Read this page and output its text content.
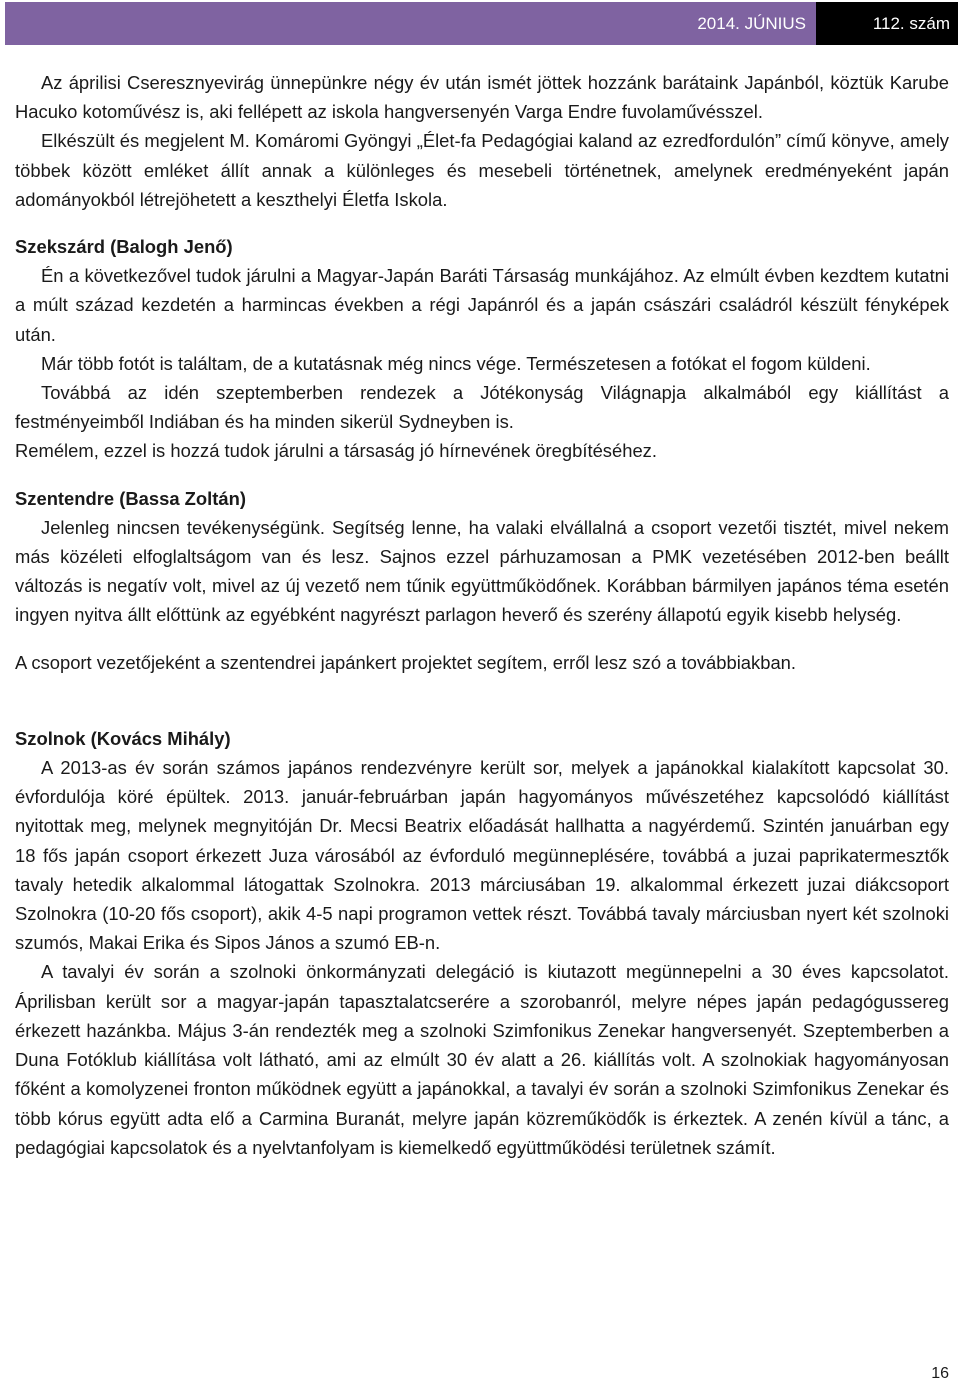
2014. JÚNIUS	112. szám

Az áprilisi Cseresznyevirág ünnepünkre négy év után ismét jöttek hozzánk barátaink Japánból, köztük Karube Hacuko kotoművész is, aki fellépett az iskola hangversenyén Varga Endre fuvolaművésszel.

Elkészült és megjelent M. Komáromi Gyöngyi „Élet-fa Pedagógiai kaland az ezredfordulón” című könyve, amely többek között emléket állít annak a különleges és mesebeli történetnek, amelynek eredményeként japán adományokból létrejöhetett a keszthelyi Életfa Iskola.

Szekszárd (Balogh Jenő)

Én a következővel tudok járulni a Magyar-Japán Baráti Társaság munkájához. Az elmúlt évben kezdtem kutatni a múlt század kezdetén a harmincas években a régi Japánról és a japán császári családról készült fényképek után.

Már több fotót is találtam, de a kutatásnak még nincs vége. Természetesen a fotókat el fogom küldeni.

Továbbá az idén szeptemberben rendezek a Jótékonyság Világnapja alkalmából egy kiállítást a festményeimből Indiában és ha minden sikerül Sydneyben is.

Remélem, ezzel is hozzá tudok járulni a társaság jó hírnevének öregbítéséhez.

Szentendre (Bassa Zoltán)

Jelenleg nincsen tevékenységünk. Segítség lenne, ha valaki elvállalná a csoport vezetői tisztét, mivel nekem más közéleti elfoglaltságom van és lesz. Sajnos ezzel párhuzamosan a PMK vezetésében 2012-ben beállt változás is negatív volt, mivel az új vezető nem tűnik együttműködőnek. Korábban bármilyen japános téma esetén ingyen nyitva állt előttünk az egyébként nagyrészt parlagon heverő és szerény állapotú egyik kisebb helység.

A csoport vezetőjeként a szentendrei japánkert projektet segítem, erről lesz szó a továbbiakban.

Szolnok (Kovács Mihály)

A 2013-as év során számos japános rendezvényre került sor, melyek a japánokkal kialakított kapcsolat 30. évfordulója köré épültek. 2013. január-februárban japán hagyományos művészetéhez kapcsolódó kiállítást nyitottak meg, melynek megnyitóján Dr. Mecsi Beatrix előadását hallhatta a nagyérdemű. Szintén januárban egy 18 fős japán csoport érkezett Juza városából az évforduló megünneplésére, továbbá a juzai paprikatermesztők tavaly hetedik alkalommal látogattak Szolnokra. 2013 márciusában 19. alkalommal érkezett juzai diákcsoport Szolnokra (10-20 fős csoport), akik 4-5 napi programon vettek részt. Továbbá tavaly márciusban nyert két szolnoki szumós, Makai Erika és Sipos János a szumó EB-n.

A tavalyi év során a szolnoki önkormányzati delegáció is kiutazott megünnepelni a 30 éves kapcsolatot. Áprilisban került sor a magyar-japán tapasztalatcserére a szorobanról, melyre népes japán pedagógussereg érkezett hazánkba. Május 3-án rendezték meg a szolnoki Szimfonikus Zenekar hangversenyét. Szeptemberben a Duna Fotóklub kiállítása volt látható, ami az elmúlt 30 év alatt a 26. kiállítás volt. A szolnokiak hagyományosan főként a komolyzenei fronton működnek együtt a japánokkal, a tavalyi év során a szolnoki Szimfonikus Zenekar és több kórus együtt adta elő a Carmina Buranát, melyre japán közreműködők is érkeztek. A zenén kívül a tánc, a pedagógiai kapcsolatok és a nyelvtanfolyam is kiemelkedő együttműködési területnek számít.

16
